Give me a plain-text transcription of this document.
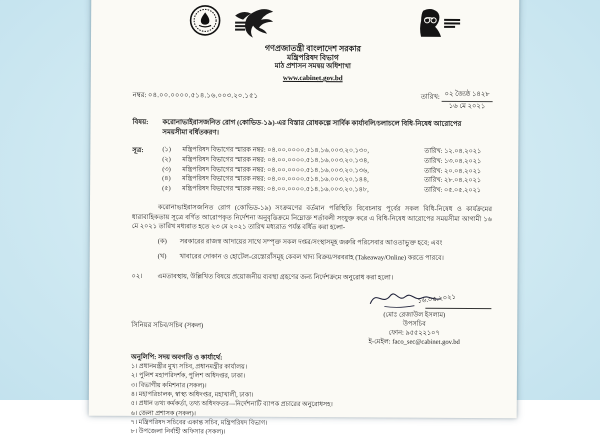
গণপ্রজাতন্ত্রী বাংলাদেশ সরকার
মন্ত্রিপরিষদ বিভাগ
মাঠ প্রশাসন সমন্বয় অধিশাখা
www.cabinet.gov.bd
নম্বর: ০৪.০০.০০০০.৫১৪.১৬.০০৩.২০.১৫১	তারিখ: ০২ জ্যৈষ্ঠ ১৪২৮
১৬ মে ২০২১
বিষয়:	করোনাভাইরাসজনিত রোগ (কোভিড-১৯)-এর বিস্তার রোধকল্পে সার্বিক কার্যাবলি/চলাচলে বিধি-নিষেধ আরোপের সময়সীমা বর্ধিতকরণ।
সূত্র:	(১)	মন্ত্রিপরিষদ বিভাগের স্মারক নম্বর: ০৪.০০.০০০০.৫১৪.১৬.০০৩.২০.১৩০,	তারিখ: ১২.০৪.২০২১
(২)	মন্ত্রিপরিষদ বিভাগের স্মারক নম্বর: ০৪.০০.০০০০.৫১৪.১৬.০০৩.২০.১৩৪,	তারিখ: ১৩.০৪.২০২১
(৩)	মন্ত্রিপরিষদ বিভাগের স্মারক নম্বর: ০৪.০০.০০০০.৫১৪.১৬.০০৩.২০.১৩৬,	তারিখ: ২০.০৪.২০২১
(৪)	মন্ত্রিপরিষদ বিভাগের স্মারক নম্বর: ০৪.০০.০০০০.৫১৪.১৬.০০৩.২০.১৪৪,	তারিখ: ২৮.০৪.২০২১
(৫)	মন্ত্রিপরিষদ বিভাগের স্মারক নম্বর: ০৪.০০.০০০০.৫১৪.১৬.০০৩.২০.১৪৮,	তারিখ: ০৫.০৫.২০২১
করোনাভাইরাসজনিত রোগ (কোভিড-১৯) সংক্রমণের বর্তমান পরিস্থিতি বিবেচনায় পূর্বের সকল বিধি-নিষেধ ও কার্যক্রমের ধারাবাহিকতায় সূত্রে বর্ণিত আরোপকৃত নির্দেশনা অনুবৃত্তিক্রমে নিম্নোক্ত শর্তাবলী সংযুক্ত করে এ বিধি-নিষেধ আরোপের সময়সীমা আগামী ১৬ মে ২০২১ তারিখ মধ্যরাত হতে ২৩ মে ২০২১ তারিখ মধ্যরাত পর্যন্ত বর্ধিত করা হলো-
(ক)	সরকারের রাজস্ব আদায়ের সাথে সম্পৃক্ত সকল দপ্তর/সংস্থাসমূহ জরুরি পরিসেবার আওতাভুক্ত হবে; এবং
(খ)	খাবারের দোকান ও হোটেল-রেস্তোরাঁসমূহ কেবল খাদ্য বিক্রয়/সরবরাহ (Takeaway/Online) করতে পারবে।
০২।	এমতাবস্থায়, উল্লিখিত বিষয়ে প্রয়োজনীয় ব্যবস্থা গ্রহণের জন্য নির্দেশক্রমে অনুরোধ করা হলো।
১৬.০৫.২০২১
(মোঃ রেজাউল ইসলাম)
উপসচিব
ফোন: ৯৫৫২২১০৭
ই-মেইল: faco_sec@cabinet.gov.bd
সিনিয়র সচিব/সচিব (সকল)
অনুলিপি: সদয় অবগতি ও কার্যার্থে:
১। প্রধানমন্ত্রীর মুখ্য সচিব, প্রধানমন্ত্রীর কার্যালয়।
২। পুলিশ মহাপরিদর্শক, পুলিশ অধিদপ্তর, ঢাকা।
৩। বিভাগীয় কমিশনার (সকল)।
৪। মহাপরিচালক, স্বাস্থ্য অধিদপ্তর, মহাখালী, ঢাকা।
৫। প্রধান তথ্য কর্মকর্তা, তথ্য অধিদফতর—নির্দেশনাটি ব্যাপক প্রচারের অনুরোধসহ।
৬। জেলা প্রশাসক (সকল)।
৭। মন্ত্রিপরিষদ সচিবের একান্ত সচিব, মন্ত্রিপরিষদ বিভাগ।
৮। উপজেলা নির্বাহী অফিসার (সকল)।
